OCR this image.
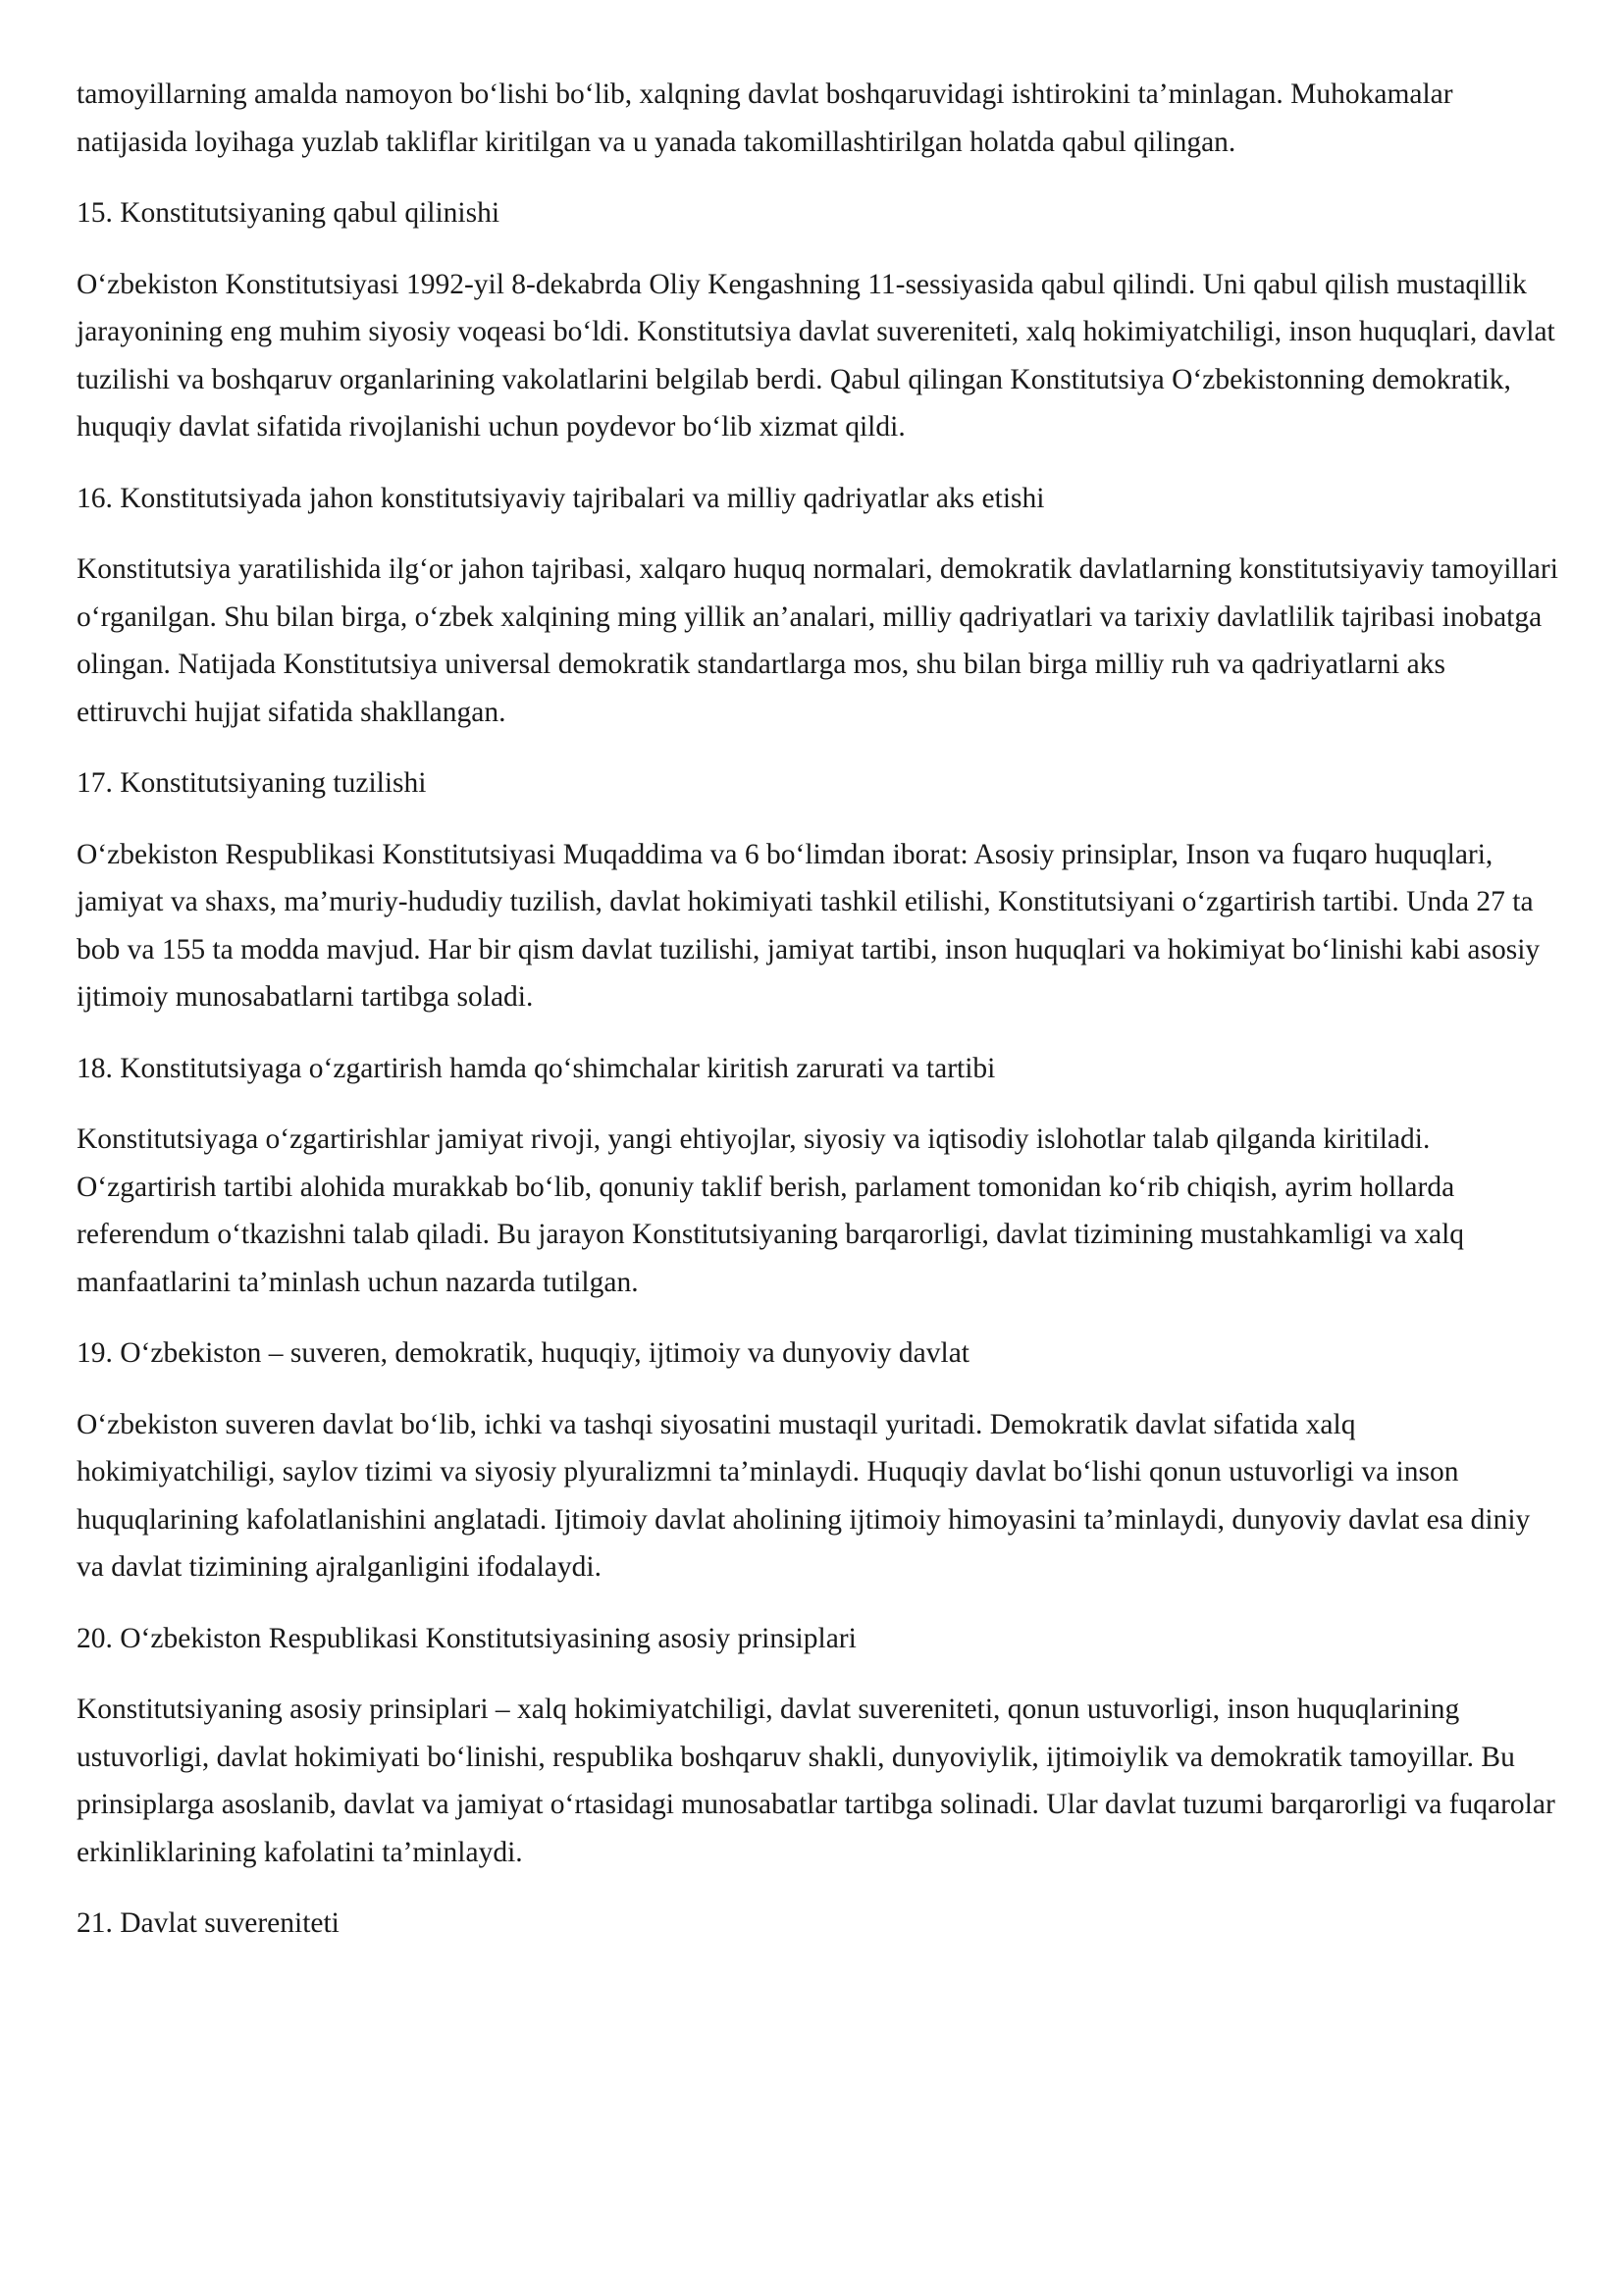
tamoyillarning amalda namoyon bo‘lishi bo‘lib, xalqning davlat boshqaruvidagi ishtirokini ta’minlagan. Muhokamalar natijasida loyihaga yuzlab takliflar kiritilgan va u yanada takomillashtirilgan holatda qabul qilingan.

15. Konstitutsiyaning qabul qilinishi

O‘zbekiston Konstitutsiyasi 1992-yil 8-dekabrda Oliy Kengashning 11-sessiyasida qabul qilindi. Uni qabul qilish mustaqillik jarayonining eng muhim siyosiy voqeasi bo‘ldi. Konstitutsiya davlat suvereniteti, xalq hokimiyatchiligi, inson huquqlari, davlat tuzilishi va boshqaruv organlarining vakolatlarini belgilab berdi. Qabul qilingan Konstitutsiya O‘zbekistonning demokratik, huquqiy davlat sifatida rivojlanishi uchun poydevor bo‘lib xizmat qildi.

16. Konstitutsiyada jahon konstitutsiyaviy tajribalari va milliy qadriyatlar aks etishi

Konstitutsiya yaratilishida ilg‘or jahon tajribasi, xalqaro huquq normalari, demokratik davlatlarning konstitutsiyaviy tamoyillari o‘rganilgan. Shu bilan birga, o‘zbek xalqining ming yillik an’analari, milliy qadriyatlari va tarixiy davlatlilik tajribasi inobatga olingan. Natijada Konstitutsiya universal demokratik standartlarga mos, shu bilan birga milliy ruh va qadriyatlarni aks ettiruvchi hujjat sifatida shakllangan.

17. Konstitutsiyaning tuzilishi

O‘zbekiston Respublikasi Konstitutsiyasi Muqaddima va 6 bo‘limdan iborat: Asosiy prinsiplar, Inson va fuqaro huquqlari, jamiyat va shaxs, ma’muriy-hududiy tuzilish, davlat hokimiyati tashkil etilishi, Konstitutsiyani o‘zgartirish tartibi. Unda 27 ta bob va 155 ta modda mavjud. Har bir qism davlat tuzilishi, jamiyat tartibi, inson huquqlari va hokimiyat bo‘linishi kabi asosiy ijtimoiy munosabatlarni tartibga soladi.

18. Konstitutsiyaga o‘zgartirish hamda qo‘shimchalar kiritish zarurati va tartibi

Konstitutsiyaga o‘zgartirishlar jamiyat rivoji, yangi ehtiyojlar, siyosiy va iqtisodiy islohotlar talab qilganda kiritiladi. O‘zgartirish tartibi alohida murakkab bo‘lib, qonuniy taklif berish, parlament tomonidan ko‘rib chiqish, ayrim hollarda referendum o‘tkazishni talab qiladi. Bu jarayon Konstitutsiyaning barqarorligi, davlat tizimining mustahkamligi va xalq manfaatlarini ta’minlash uchun nazarda tutilgan.

19. O‘zbekiston – suveren, demokratik, huquqiy, ijtimoiy va dunyoviy davlat

O‘zbekiston suveren davlat bo‘lib, ichki va tashqi siyosatini mustaqil yuritadi. Demokratik davlat sifatida xalq hokimiyatchiligi, saylov tizimi va siyosiy plyuralizmni ta’minlaydi. Huquqiy davlat bo‘lishi qonun ustuvorligi va inson huquqlarining kafolatlanishini anglatadi. Ijtimoiy davlat aholining ijtimoiy himoyasini ta’minlaydi, dunyoviy davlat esa diniy va davlat tizimining ajralganligini ifodalaydi.

20. O‘zbekiston Respublikasi Konstitutsiyasining asosiy prinsiplari

Konstitutsiyaning asosiy prinsiplari – xalq hokimiyatchiligi, davlat suvereniteti, qonun ustuvorligi, inson huquqlarining ustuvorligi, davlat hokimiyati bo‘linishi, respublika boshqaruv shakli, dunyoviylik, ijtimoiylik va demokratik tamoyillar. Bu prinsiplarga asoslanib, davlat va jamiyat o‘rtasidagi munosabatlar tartibga solinadi. Ular davlat tuzumi barqarorligi va fuqarolar erkinliklarining kafolatini ta’minlaydi.

21. Davlat suvereniteti
